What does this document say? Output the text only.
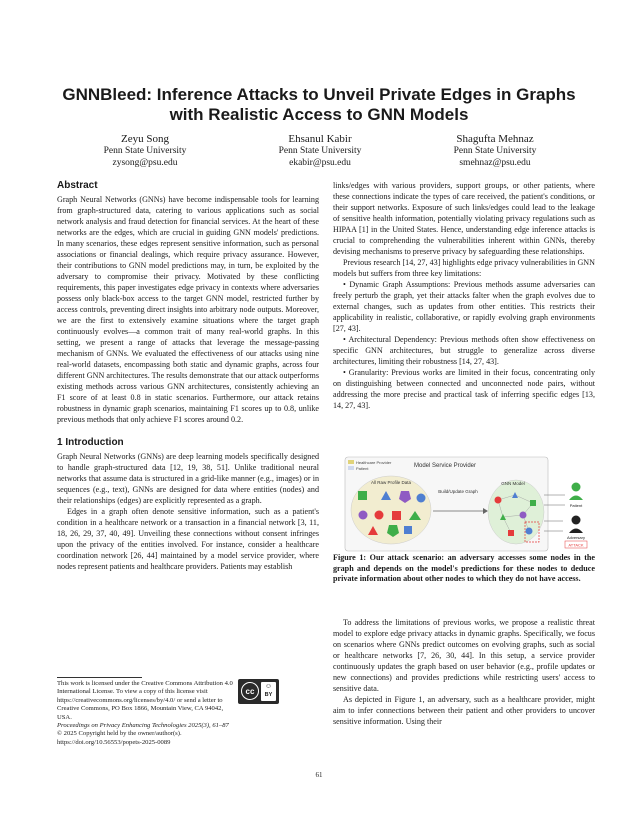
GNNBleed: Inference Attacks to Unveil Private Edges in Graphs
with Realistic Access to GNN Models
Zeyu Song
Penn State University
zysong@psu.edu
Ehsanul Kabir
Penn State University
ekabir@psu.edu
Shagufta Mehnaz
Penn State University
smehnaz@psu.edu
Abstract

Graph Neural Networks (GNNs) have become indispensable tools for learning from graph-structured data, catering to various applications such as social network analysis and fraud detection for financial services. At the heart of these networks are the edges, which are crucial in guiding GNN models' predictions. In many scenarios, these edges represent sensitive information, such as personal associations or financial dealings, which require privacy assurance. However, their contributions to GNN model predictions may, in turn, be exploited by the adversary to compromise their privacy. Motivated by these conflicting requirements, this paper investigates edge privacy in contexts where adversaries possess only black-box access to the target GNN model, restricted further by access controls, preventing direct insights into arbitrary node outputs. Moreover, we are the first to extensively examine situations where the target graph continuously evolves—a common trait of many real-world graphs. In this setting, we present a range of attacks that leverage the message-passing mechanism of GNNs. We evaluated the effectiveness of our attacks using nine real-world datasets, encompassing both static and dynamic graphs, across four different GNN architectures. The results demonstrate that our attack outperforms existing methods across various GNN architectures, consistently achieving an F1 score of at least 0.8 in static scenarios. Furthermore, our attack retains robustness in dynamic graph scenarios, maintaining F1 scores up to 0.8, unlike previous methods that only achieve F1 scores around 0.2.

1 Introduction

Graph Neural Networks (GNNs) are deep learning models specifically designed to handle graph-structured data [12, 19, 38, 51]. Unlike traditional neural networks that assume data is structured in a grid-like manner (e.g., images) or in sequences (e.g., text), GNNs are designed for data where entities (nodes) and their relationships (edges) are explicitly represented as a graph.

Edges in a graph often denote sensitive information, such as a patient's condition in a healthcare network or a transaction in a financial network [3, 11, 18, 26, 29, 37, 40, 49]. Unveiling these connections without consent infringes upon the privacy of the entities involved. For instance, consider a healthcare coordination network [26, 44] maintained by a model service provider, where nodes represent patients and healthcare providers. Patients may establish

This work is licensed under the Creative Commons Attribution 4.0 International License. To view a copy of this license visit https://creativecommons.org/licenses/by/4.0/ or send a letter to Creative Commons, PO Box 1866, Mountain View, CA 94042, USA.
Proceedings on Privacy Enhancing Technologies 2025(3), 61–87
© 2025 Copyright held by the owner/author(s).
https://doi.org/10.56553/popets-2025-0089
cc
☺
BY

links/edges with various providers, support groups, or other patients, where these connections indicate the types of care received, the patient's conditions, or their support networks. Exposure of such links/edges could lead to the leakage of sensitive health information, potentially violating privacy regulations such as HIPAA [1] in the United States. Hence, understanding edge inference attacks is crucial to comprehending the vulnerabilities inherent within GNNs, thereby devising mechanisms to preserve privacy by safeguarding these relationships.

Previous research [14, 27, 43] highlights edge privacy vulnerabilities in GNN models but suffers from three key limitations:

• Dynamic Graph Assumptions: Previous methods assume adversaries can freely perturb the graph, yet their attacks falter when the graph evolves due to external changes, such as updates from other entities. This restricts their applicability in realistic, collaborative, or rapidly evolving graph environments [27, 43].

• Architectural Dependency: Previous methods often show effectiveness on specific GNN architectures, but struggle to generalize across diverse architectures, limiting their robustness [14, 27, 43].

• Granularity: Previous works are limited in their focus, concentrating only on distinguishing between connected and unconnected node pairs, without addressing the more precise and practical task of inferring specific edges [13, 14, 27, 43].

Healthcare Provider
Patient	Model Service Provider
All Raw Profile Data
Build/Update Graph
GNN Model
Patient
Adversary
ATTACK
Figure 1: Our attack scenario: an adversary accesses some nodes in the graph and depends on the model's predictions for these nodes to deduce private information about other nodes to which they do not have access.

To address the limitations of previous works, we propose a realistic threat model to explore edge privacy attacks in dynamic graphs. Specifically, we focus on scenarios where GNNs predict outcomes on evolving graphs, such as social or healthcare networks [7, 26, 30, 44]. In this setup, a service provider continuously updates the graph based on user behavior (e.g., profile updates or new connections) and provides predictions while restricting users' access to sensitive data.

As depicted in Figure 1, an adversary, such as a healthcare provider, might aim to infer connections between their patient and other providers to uncover sensitive information. Using their

61
